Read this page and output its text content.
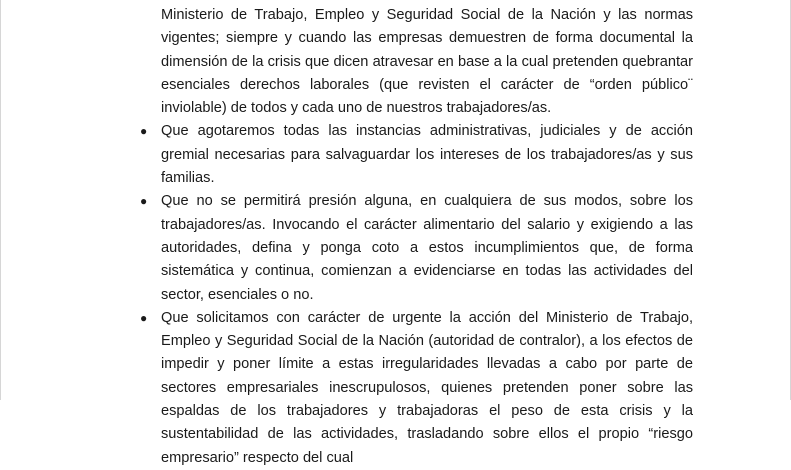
Ministerio de Trabajo, Empleo y Seguridad Social de la Nación y las normas vigentes; siempre y cuando las empresas demuestren de forma documental la dimensión de la crisis que dicen atravesar en base a la cual pretenden quebrantar esenciales derechos laborales (que revisten el carácter de “orden público¨ inviolable) de todos y cada uno de nuestros trabajadores/as.

● Que agotaremos todas las instancias administrativas, judiciales y de acción gremial necesarias para salvaguardar los intereses de los trabajadores/as y sus familias.
● Que no se permitirá presión alguna, en cualquiera de sus modos, sobre los trabajadores/as. Invocando el carácter alimentario del salario y exigiendo a las autoridades, defina y ponga coto a estos incumplimientos que, de forma sistemática y continua, comienzan a evidenciarse en todas las actividades del sector, esenciales o no.
● Que solicitamos con carácter de urgente la acción del Ministerio de Trabajo, Empleo y Seguridad Social de la Nación (autoridad de contralor), a los efectos de impedir y poner límite a estas irregularidades llevadas a cabo por parte de sectores empresariales inescrupulosos, quienes pretenden poner sobre las espaldas de los trabajadores y trabajadoras el peso de esta crisis y la sustentabilidad de las actividades, trasladando sobre ellos el propio “riesgo empresario” respecto del cual
